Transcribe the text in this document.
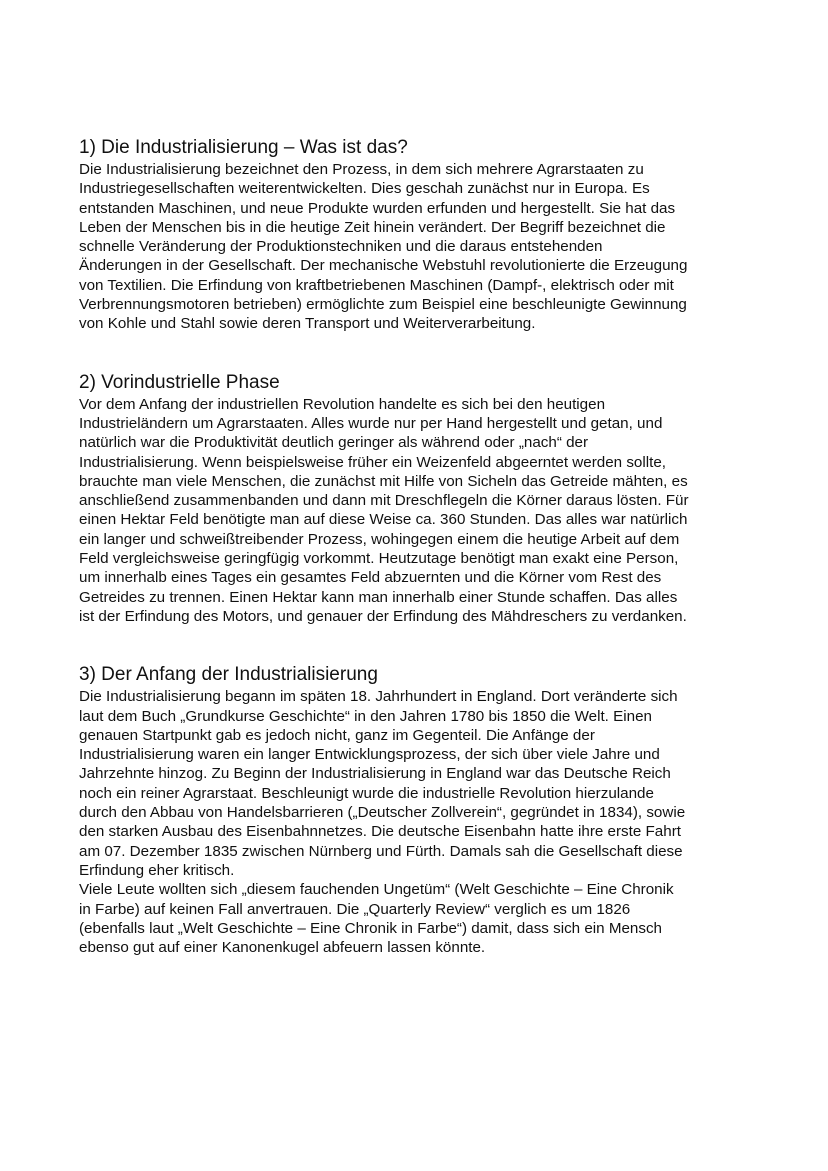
1) Die Industrialisierung – Was ist das?

Die Industrialisierung bezeichnet den Prozess, in dem sich mehrere Agrarstaaten zu
Industriegesellschaften weiterentwickelten. Dies geschah zunächst nur in Europa. Es
entstanden Maschinen, und neue Produkte wurden erfunden und hergestellt. Sie hat das
Leben der Menschen bis in die heutige Zeit hinein verändert. Der Begriff bezeichnet die
schnelle Veränderung der Produktionstechniken und die daraus entstehenden
Änderungen in der Gesellschaft. Der mechanische Webstuhl revolutionierte die Erzeugung
von Textilien. Die Erfindung von kraftbetriebenen Maschinen (Dampf-, elektrisch oder mit
Verbrennungsmotoren betrieben) ermöglichte zum Beispiel eine beschleunigte Gewinnung
von Kohle und Stahl sowie deren Transport und Weiterverarbeitung.

2) Vorindustrielle Phase

Vor dem Anfang der industriellen Revolution handelte es sich bei den heutigen
Industrieländern um Agrarstaaten. Alles wurde nur per Hand hergestellt und getan, und
natürlich war die Produktivität deutlich geringer als während oder „nach“ der
Industrialisierung. Wenn beispielsweise früher ein Weizenfeld abgeerntet werden sollte,
brauchte man viele Menschen, die zunächst mit Hilfe von Sicheln das Getreide mähten, es
anschließend zusammenbanden und dann mit Dreschflegeln die Körner daraus lösten. Für
einen Hektar Feld benötigte man auf diese Weise ca. 360 Stunden. Das alles war natürlich
ein langer und schweißtreibender Prozess, wohingegen einem die heutige Arbeit auf dem
Feld vergleichsweise geringfügig vorkommt. Heutzutage benötigt man exakt eine Person,
um innerhalb eines Tages ein gesamtes Feld abzuernten und die Körner vom Rest des
Getreides zu trennen. Einen Hektar kann man innerhalb einer Stunde schaffen. Das alles
ist der Erfindung des Motors, und genauer der Erfindung des Mähdreschers zu verdanken.

3) Der Anfang der Industrialisierung

Die Industrialisierung begann im späten 18. Jahrhundert in England. Dort veränderte sich
laut dem Buch „Grundkurse Geschichte“ in den Jahren 1780 bis 1850 die Welt. Einen
genauen Startpunkt gab es jedoch nicht, ganz im Gegenteil. Die Anfänge der
Industrialisierung waren ein langer Entwicklungsprozess, der sich über viele Jahre und
Jahrzehnte hinzog. Zu Beginn der Industrialisierung in England war das Deutsche Reich
noch ein reiner Agrarstaat. Beschleunigt wurde die industrielle Revolution hierzulande
durch den Abbau von Handelsbarrieren („Deutscher Zollverein“, gegründet in 1834), sowie
den starken Ausbau des Eisenbahnnetzes. Die deutsche Eisenbahn hatte ihre erste Fahrt
am 07. Dezember 1835 zwischen Nürnberg und Fürth. Damals sah die Gesellschaft diese
Erfindung eher kritisch.

Viele Leute wollten sich „diesem fauchenden Ungetüm“ (Welt Geschichte – Eine Chronik
in Farbe) auf keinen Fall anvertrauen. Die „Quarterly Review“ verglich es um 1826
(ebenfalls laut „Welt Geschichte – Eine Chronik in Farbe“) damit, dass sich ein Mensch
ebenso gut auf einer Kanonenkugel abfeuern lassen könnte.
